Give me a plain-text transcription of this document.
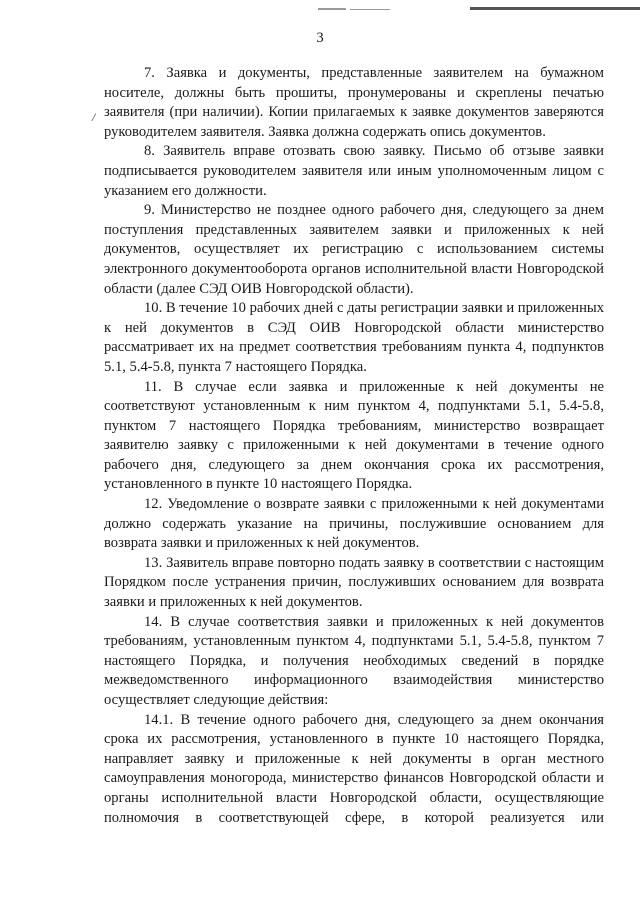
/
3

7. Заявка и документы, представленные заявителем на бумажном носителе, должны быть прошиты, пронумерованы и скреплены печатью заявителя (при наличии). Копии прилагаемых к заявке документов заверяются руководителем заявителя. Заявка должна содержать опись документов.

8. Заявитель вправе отозвать свою заявку. Письмо об отзыве заявки подписывается руководителем заявителя или иным уполномоченным лицом с указанием его должности.

9. Министерство не позднее одного рабочего дня, следующего за днем поступления представленных заявителем заявки и приложенных к ней документов, осуществляет их регистрацию с использованием системы электронного документооборота органов исполнительной власти Новгородской области (далее СЭД ОИВ Новгородской области).

10. В течение 10 рабочих дней с даты регистрации заявки и приложенных к ней документов в СЭД ОИВ Новгородской области министерство рассматривает их на предмет соответствия требованиям пункта 4, подпунктов 5.1, 5.4-5.8, пункта 7 настоящего Порядка.

11. В случае если заявка и приложенные к ней документы не соответствуют установленным к ним пунктом 4, подпунктами 5.1, 5.4-5.8, пунктом 7 настоящего Порядка требованиям, министерство возвращает заявителю заявку с приложенными к ней документами в течение одного рабочего дня, следующего за днем окончания срока их рассмотрения, установленного в пункте 10 настоящего Порядка.

12. Уведомление о возврате заявки с приложенными к ней документами должно содержать указание на причины, послужившие основанием для возврата заявки и приложенных к ней документов.

13. Заявитель вправе повторно подать заявку в соответствии с настоящим Порядком после устранения причин, послуживших основанием для возврата заявки и приложенных к ней документов.

14. В случае соответствия заявки и приложенных к ней документов требованиям, установленным пунктом 4, подпунктами 5.1, 5.4-5.8, пунктом 7 настоящего Порядка, и получения необходимых сведений в порядке межведомственного информационного взаимодействия министерство осуществляет следующие действия:

14.1. В течение одного рабочего дня, следующего за днем окончания срока их рассмотрения, установленного в пункте 10 настоящего Порядка, направляет заявку и приложенные к ней документы в орган местного самоуправления моногорода, министерство финансов Новгородской области и органы исполнительной власти Новгородской области, осуществляющие полномочия в соответствующей сфере, в которой реализуется или
